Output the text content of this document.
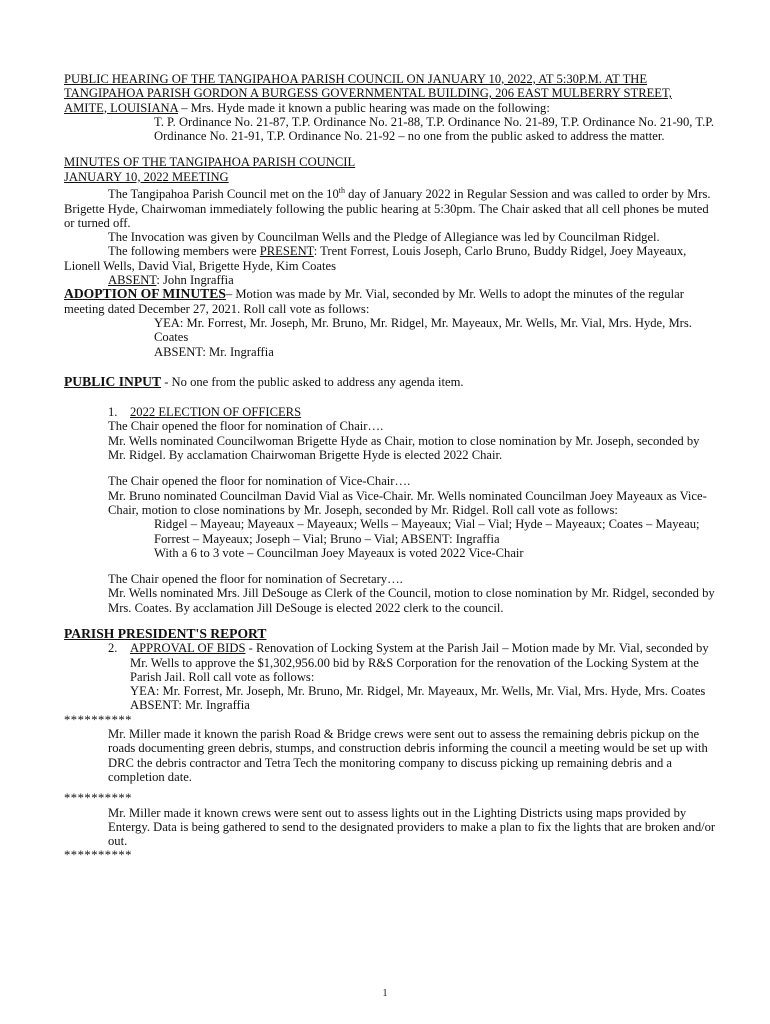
PUBLIC HEARING OF THE TANGIPAHOA PARISH COUNCIL ON JANUARY 10, 2022, AT 5:30P.M. AT THE TANGIPAHOA PARISH GORDON A BURGESS GOVERNMENTAL BUILDING, 206 EAST MULBERRY STREET, AMITE, LOUISIANA – Mrs. Hyde made it known a public hearing was made on the following:

T. P. Ordinance No. 21-87, T.P. Ordinance No. 21-88, T.P. Ordinance No. 21-89, T.P. Ordinance No. 21-90, T.P. Ordinance No. 21-91, T.P. Ordinance No. 21-92 – no one from the public asked to address the matter.

MINUTES OF THE TANGIPAHOA PARISH COUNCIL

JANUARY 10, 2022 MEETING

The Tangipahoa Parish Council met on the 10th day of January 2022 in Regular Session and was called to order by Mrs. Brigette Hyde, Chairwoman immediately following the public hearing at 5:30pm. The Chair asked that all cell phones be muted or turned off.

The Invocation was given by Councilman Wells and the Pledge of Allegiance was led by Councilman Ridgel.

The following members were PRESENT: Trent Forrest, Louis Joseph, Carlo Bruno, Buddy Ridgel, Joey Mayeaux, Lionell Wells, David Vial, Brigette Hyde, Kim Coates

ABSENT: John Ingraffia

ADOPTION OF MINUTES– Motion was made by Mr. Vial, seconded by Mr. Wells to adopt the minutes of the regular meeting dated December 27, 2021. Roll call vote as follows:

YEA: Mr. Forrest, Mr. Joseph, Mr. Bruno, Mr. Ridgel, Mr. Mayeaux, Mr. Wells, Mr. Vial, Mrs. Hyde, Mrs. Coates

ABSENT: Mr. Ingraffia

PUBLIC INPUT - No one from the public asked to address any agenda item.

1. 2022 ELECTION OF OFFICERS

The Chair opened the floor for nomination of Chair….

Mr. Wells nominated Councilwoman Brigette Hyde as Chair, motion to close nomination by Mr. Joseph, seconded by Mr. Ridgel. By acclamation Chairwoman Brigette Hyde is elected 2022 Chair.

The Chair opened the floor for nomination of Vice-Chair….

Mr. Bruno nominated Councilman David Vial as Vice-Chair. Mr. Wells nominated Councilman Joey Mayeaux as Vice-Chair, motion to close nominations by Mr. Joseph, seconded by Mr. Ridgel. Roll call vote as follows:

Ridgel – Mayeau; Mayeaux – Mayeaux; Wells – Mayeaux; Vial – Vial; Hyde – Mayeaux; Coates – Mayeau; Forrest – Mayeaux; Joseph – Vial; Bruno – Vial; ABSENT: Ingraffia

With a 6 to 3 vote – Councilman Joey Mayeaux is voted 2022 Vice-Chair

The Chair opened the floor for nomination of Secretary….

Mr. Wells nominated Mrs. Jill DeSouge as Clerk of the Council, motion to close nomination by Mr. Ridgel, seconded by Mrs. Coates. By acclamation Jill DeSouge is elected 2022 clerk to the council.

PARISH PRESIDENT'S REPORT

2. APPROVAL OF BIDS - Renovation of Locking System at the Parish Jail – Motion made by Mr. Vial, seconded by Mr. Wells to approve the $1,302,956.00 bid by R&S Corporation for the renovation of the Locking System at the Parish Jail. Roll call vote as follows:
YEA: Mr. Forrest, Mr. Joseph, Mr. Bruno, Mr. Ridgel, Mr. Mayeaux, Mr. Wells, Mr. Vial, Mrs. Hyde, Mrs. Coates ABSENT: Mr. Ingraffia

**********

Mr. Miller made it known the parish Road & Bridge crews were sent out to assess the remaining debris pickup on the roads documenting green debris, stumps, and construction debris informing the council a meeting would be set up with DRC the debris contractor and Tetra Tech the monitoring company to discuss picking up remaining debris and a completion date.

**********

Mr. Miller made it known crews were sent out to assess lights out in the Lighting Districts using maps provided by Entergy. Data is being gathered to send to the designated providers to make a plan to fix the lights that are broken and/or out.

**********

1
